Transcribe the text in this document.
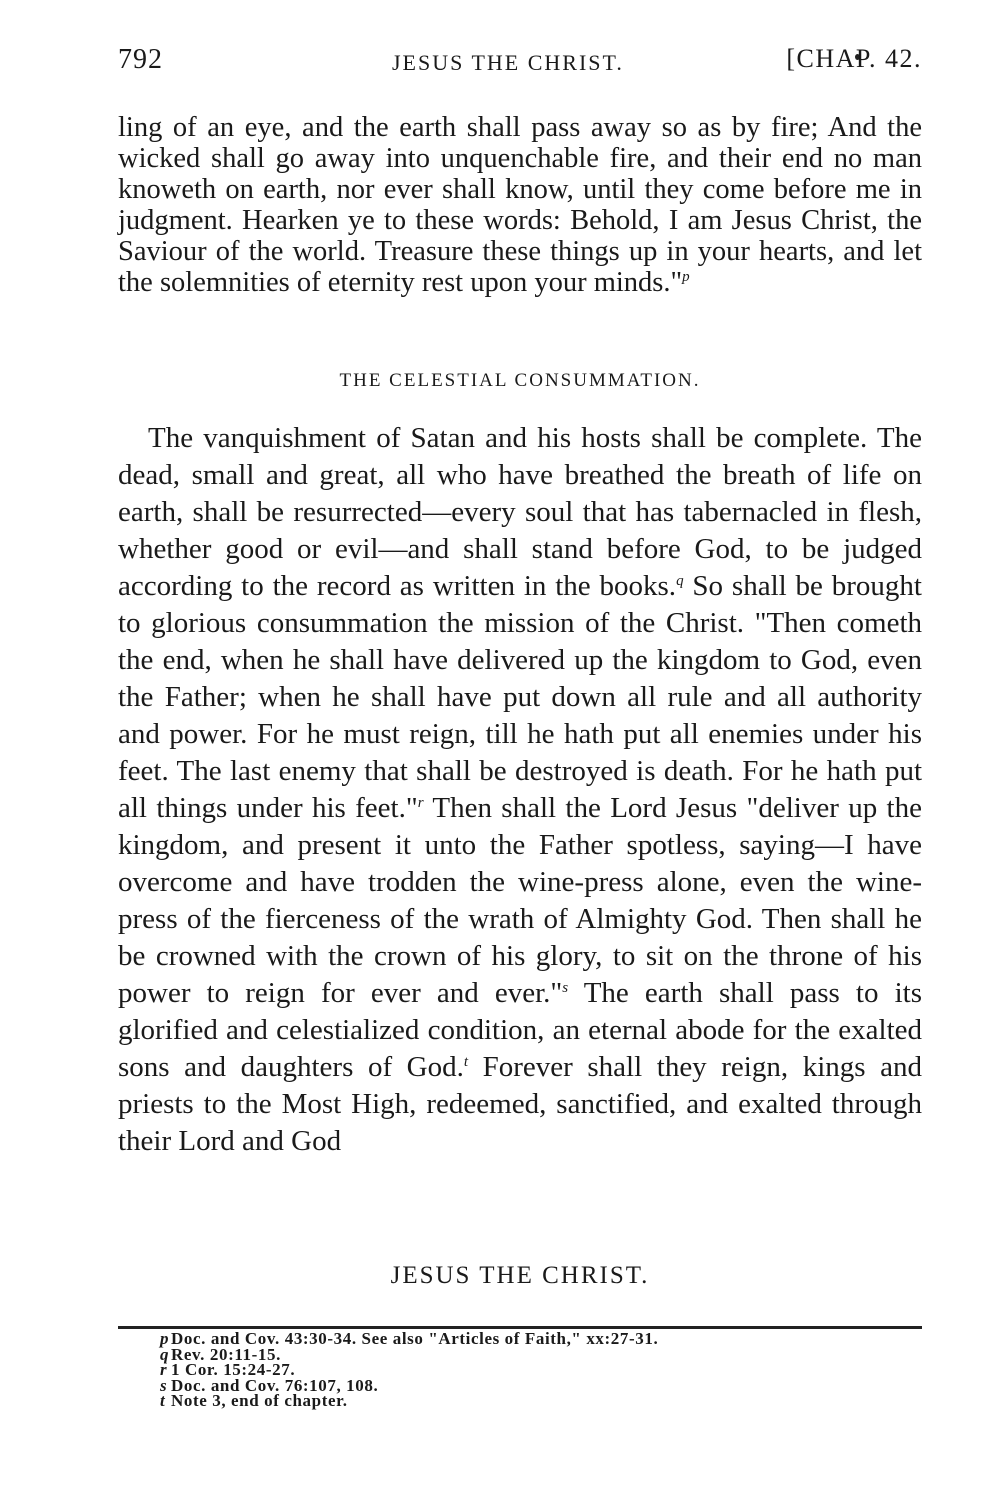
792	JESUS THE CHRIST.	[CHAP. 42.

ling of an eye, and the earth shall pass away so as by fire; And the wicked shall go away into unquenchable fire, and their end no man knoweth on earth, nor ever shall know, until they come before me in judgment. Hearken ye to these words: Behold, I am Jesus Christ, the Saviour of the world. Treasure these things up in your hearts, and let the solemnities of eternity rest upon your minds."$^p$

THE CELESTIAL CONSUMMATION.

The vanquishment of Satan and his hosts shall be complete. The dead, small and great, all who have breathed the breath of life on earth, shall be resurrected—every soul that has tabernacled in flesh, whether good or evil—and shall stand before God, to be judged according to the record as written in the books.$^q$ So shall be brought to glorious consummation the mission of the Christ. "Then cometh the end, when he shall have delivered up the kingdom to God, even the Father; when he shall have put down all rule and all authority and power. For he must reign, till he hath put all enemies under his feet. The last enemy that shall be destroyed is death. For he hath put all things under his feet."$^r$ Then shall the Lord Jesus "deliver up the kingdom, and present it unto the Father spotless, saying—I have overcome and have trodden the wine-press alone, even the wine-press of the fierceness of the wrath of Almighty God. Then shall he be crowned with the crown of his glory, to sit on the throne of his power to reign for ever and ever."$^s$ The earth shall pass to its glorified and celestialized condition, an eternal abode for the exalted sons and daughters of God.$^t$ Forever shall they reign, kings and priests to the Most High, redeemed, sanctified, and exalted through their Lord and God

JESUS THE CHRIST.
p Doc. and Cov. 43:30-34. See also "Articles of Faith," xx:27-31.
q Rev. 20:11-15.
r 1 Cor. 15:24-27.
s Doc. and Cov. 76:107, 108.
t Note 3, end of chapter.
